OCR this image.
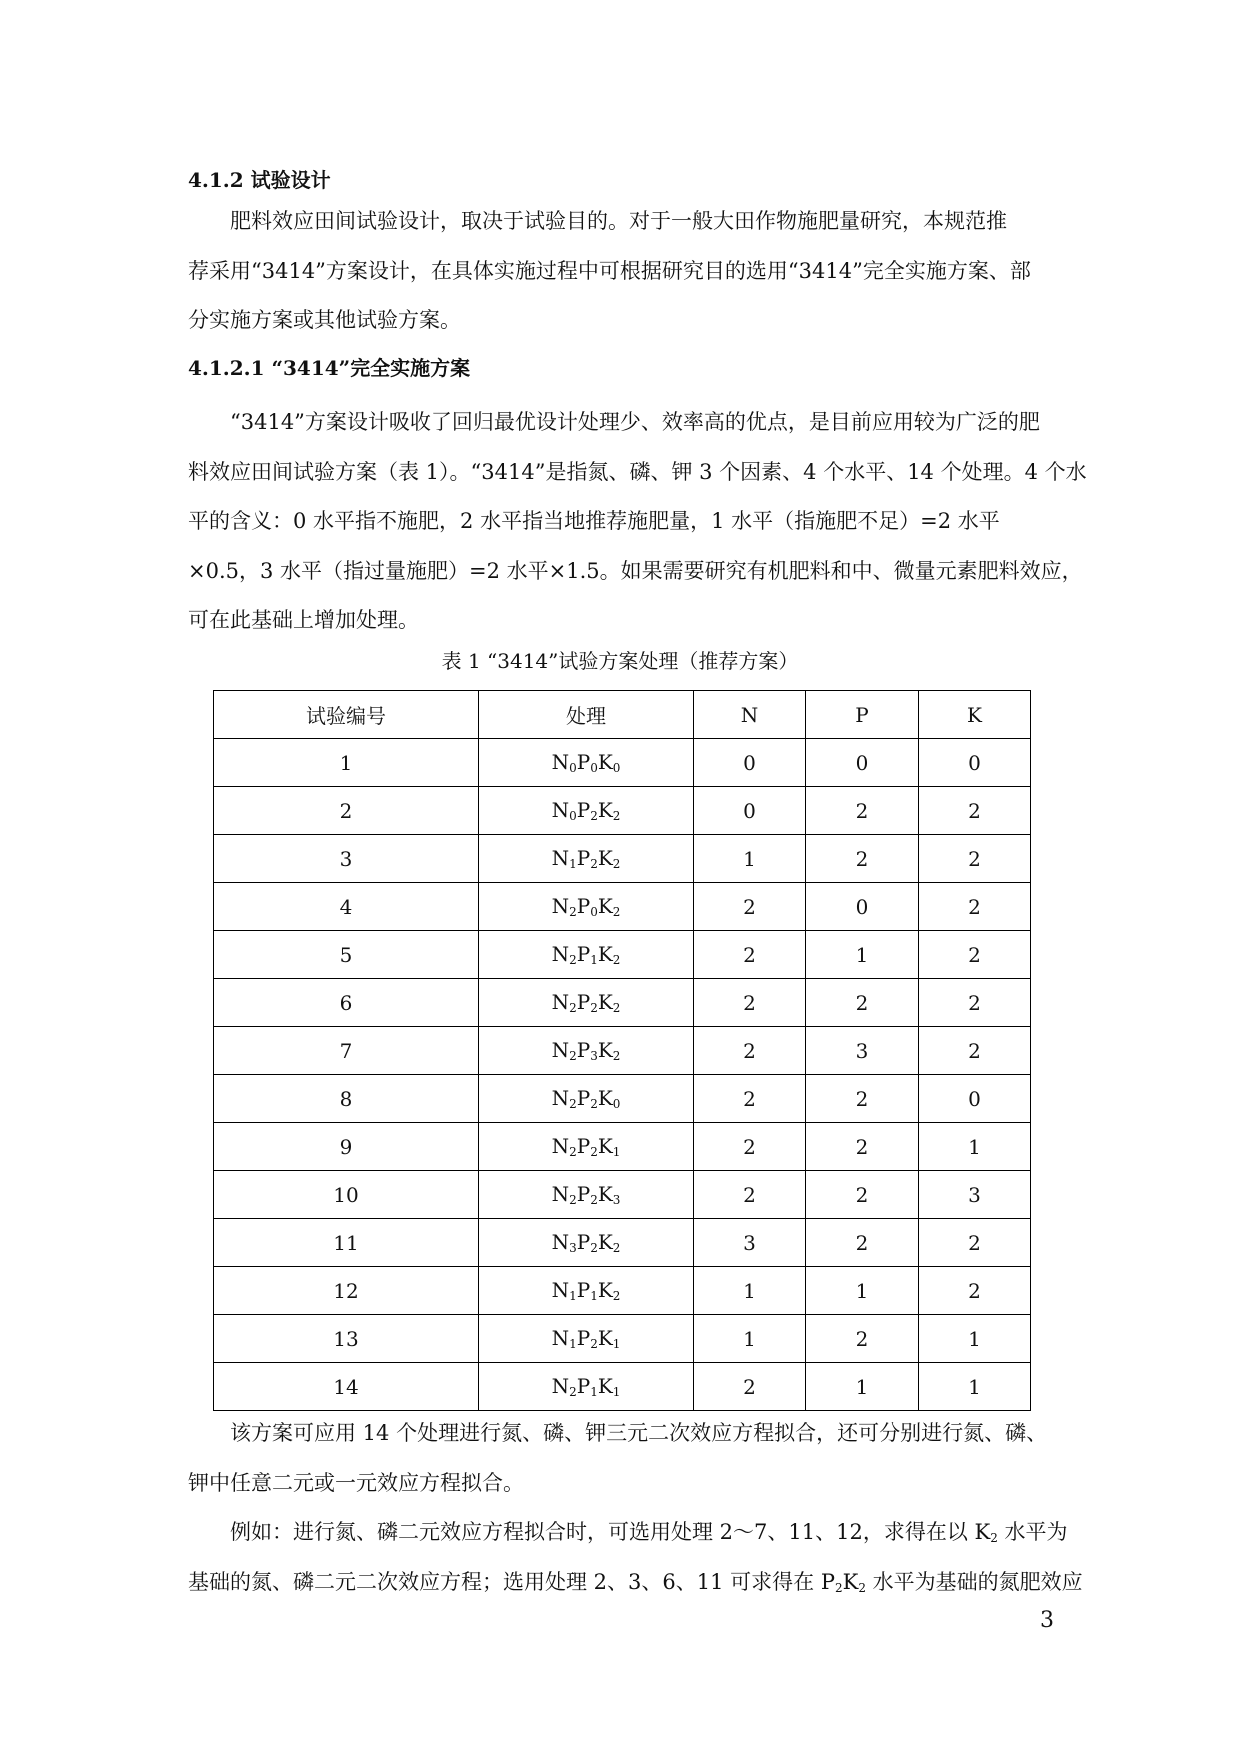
4.1.2 试验设计
肥料效应田间试验设计，取决于试验目的。对于一般大田作物施肥量研究，本规范推
荐采用“3414”方案设计，在具体实施过程中可根据研究目的选用“3414”完全实施方案、部
分实施方案或其他试验方案。
4.1.2.1 “3414”完全实施方案
“3414”方案设计吸收了回归最优设计处理少、效率高的优点，是目前应用较为广泛的肥
料效应田间试验方案（表 1）。“3414”是指氮、磷、钾 3 个因素、4 个水平、14 个处理。4 个水
平的含义：0 水平指不施肥，2 水平指当地推荐施肥量，1 水平（指施肥不足）=2 水平
×0.5，3 水平（指过量施肥）=2 水平×1.5。如果需要研究有机肥料和中、微量元素肥料效应，
可在此基础上增加处理。
表 1 “3414”试验方案处理（推荐方案）
试验编号	处理	N	P	K
1	$N_0P_0K_0$	0	0	0
2	$N_0P_2K_2$	0	2	2
3	$N_1P_2K_2$	1	2	2
4	$N_2P_0K_2$	2	0	2
5	$N_2P_1K_2$	2	1	2
6	$N_2P_2K_2$	2	2	2
7	$N_2P_3K_2$	2	3	2
8	$N_2P_2K_0$	2	2	0
9	$N_2P_2K_1$	2	2	1
10	$N_2P_2K_3$	2	2	3
11	$N_3P_2K_2$	3	2	2
12	$N_1P_1K_2$	1	1	2
13	$N_1P_2K_1$	1	2	1
14	$N_2P_1K_1$	2	1	1
该方案可应用 14 个处理进行氮、磷、钾三元二次效应方程拟合，还可分别进行氮、磷、
钾中任意二元或一元效应方程拟合。
例如：进行氮、磷二元效应方程拟合时，可选用处理 2～7、11、12，求得在以 $K_2$ 水平为
基础的氮、磷二元二次效应方程；选用处理 2、3、6、11 可求得在 $P_2K_2$ 水平为基础的氮肥效应
3
